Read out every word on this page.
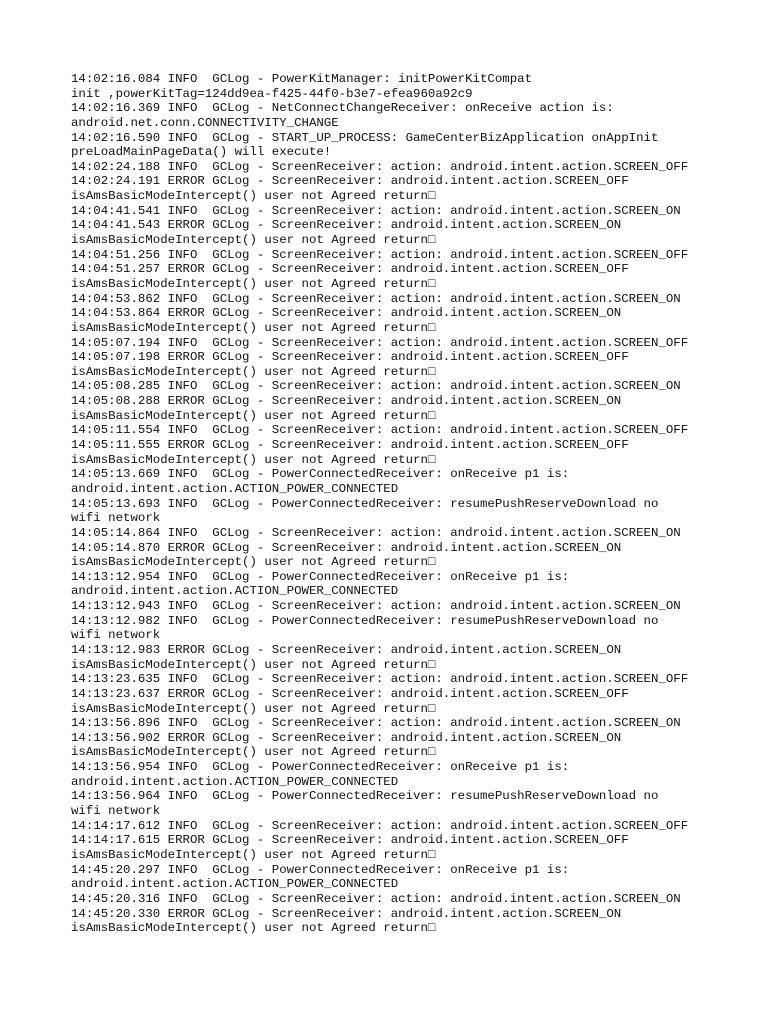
14:02:16.084 INFO  GCLog - PowerKitManager: initPowerKitCompat
init ,powerKitTag=124dd9ea-f425-44f0-b3e7-efea960a92c9
14:02:16.369 INFO  GCLog - NetConnectChangeReceiver: onReceive action is:
android.net.conn.CONNECTIVITY_CHANGE
14:02:16.590 INFO  GCLog - START_UP_PROCESS: GameCenterBizApplication onAppInit
preLoadMainPageData() will execute!
14:02:24.188 INFO  GCLog - ScreenReceiver: action: android.intent.action.SCREEN_OFF
14:02:24.191 ERROR GCLog - ScreenReceiver: android.intent.action.SCREEN_OFF
isAmsBasicModeIntercept() user not Agreed return□
14:04:41.541 INFO  GCLog - ScreenReceiver: action: android.intent.action.SCREEN_ON
14:04:41.543 ERROR GCLog - ScreenReceiver: android.intent.action.SCREEN_ON
isAmsBasicModeIntercept() user not Agreed return□
14:04:51.256 INFO  GCLog - ScreenReceiver: action: android.intent.action.SCREEN_OFF
14:04:51.257 ERROR GCLog - ScreenReceiver: android.intent.action.SCREEN_OFF
isAmsBasicModeIntercept() user not Agreed return□
14:04:53.862 INFO  GCLog - ScreenReceiver: action: android.intent.action.SCREEN_ON
14:04:53.864 ERROR GCLog - ScreenReceiver: android.intent.action.SCREEN_ON
isAmsBasicModeIntercept() user not Agreed return□
14:05:07.194 INFO  GCLog - ScreenReceiver: action: android.intent.action.SCREEN_OFF
14:05:07.198 ERROR GCLog - ScreenReceiver: android.intent.action.SCREEN_OFF
isAmsBasicModeIntercept() user not Agreed return□
14:05:08.285 INFO  GCLog - ScreenReceiver: action: android.intent.action.SCREEN_ON
14:05:08.288 ERROR GCLog - ScreenReceiver: android.intent.action.SCREEN_ON
isAmsBasicModeIntercept() user not Agreed return□
14:05:11.554 INFO  GCLog - ScreenReceiver: action: android.intent.action.SCREEN_OFF
14:05:11.555 ERROR GCLog - ScreenReceiver: android.intent.action.SCREEN_OFF
isAmsBasicModeIntercept() user not Agreed return□
14:05:13.669 INFO  GCLog - PowerConnectedReceiver: onReceive p1 is:
android.intent.action.ACTION_POWER_CONNECTED
14:05:13.693 INFO  GCLog - PowerConnectedReceiver: resumePushReserveDownload no
wifi network
14:05:14.864 INFO  GCLog - ScreenReceiver: action: android.intent.action.SCREEN_ON
14:05:14.870 ERROR GCLog - ScreenReceiver: android.intent.action.SCREEN_ON
isAmsBasicModeIntercept() user not Agreed return□
14:13:12.954 INFO  GCLog - PowerConnectedReceiver: onReceive p1 is:
android.intent.action.ACTION_POWER_CONNECTED
14:13:12.943 INFO  GCLog - ScreenReceiver: action: android.intent.action.SCREEN_ON
14:13:12.982 INFO  GCLog - PowerConnectedReceiver: resumePushReserveDownload no
wifi network
14:13:12.983 ERROR GCLog - ScreenReceiver: android.intent.action.SCREEN_ON
isAmsBasicModeIntercept() user not Agreed return□
14:13:23.635 INFO  GCLog - ScreenReceiver: action: android.intent.action.SCREEN_OFF
14:13:23.637 ERROR GCLog - ScreenReceiver: android.intent.action.SCREEN_OFF
isAmsBasicModeIntercept() user not Agreed return□
14:13:56.896 INFO  GCLog - ScreenReceiver: action: android.intent.action.SCREEN_ON
14:13:56.902 ERROR GCLog - ScreenReceiver: android.intent.action.SCREEN_ON
isAmsBasicModeIntercept() user not Agreed return□
14:13:56.954 INFO  GCLog - PowerConnectedReceiver: onReceive p1 is:
android.intent.action.ACTION_POWER_CONNECTED
14:13:56.964 INFO  GCLog - PowerConnectedReceiver: resumePushReserveDownload no
wifi network
14:14:17.612 INFO  GCLog - ScreenReceiver: action: android.intent.action.SCREEN_OFF
14:14:17.615 ERROR GCLog - ScreenReceiver: android.intent.action.SCREEN_OFF
isAmsBasicModeIntercept() user not Agreed return□
14:45:20.297 INFO  GCLog - PowerConnectedReceiver: onReceive p1 is:
android.intent.action.ACTION_POWER_CONNECTED
14:45:20.316 INFO  GCLog - ScreenReceiver: action: android.intent.action.SCREEN_ON
14:45:20.330 ERROR GCLog - ScreenReceiver: android.intent.action.SCREEN_ON
isAmsBasicModeIntercept() user not Agreed return□
